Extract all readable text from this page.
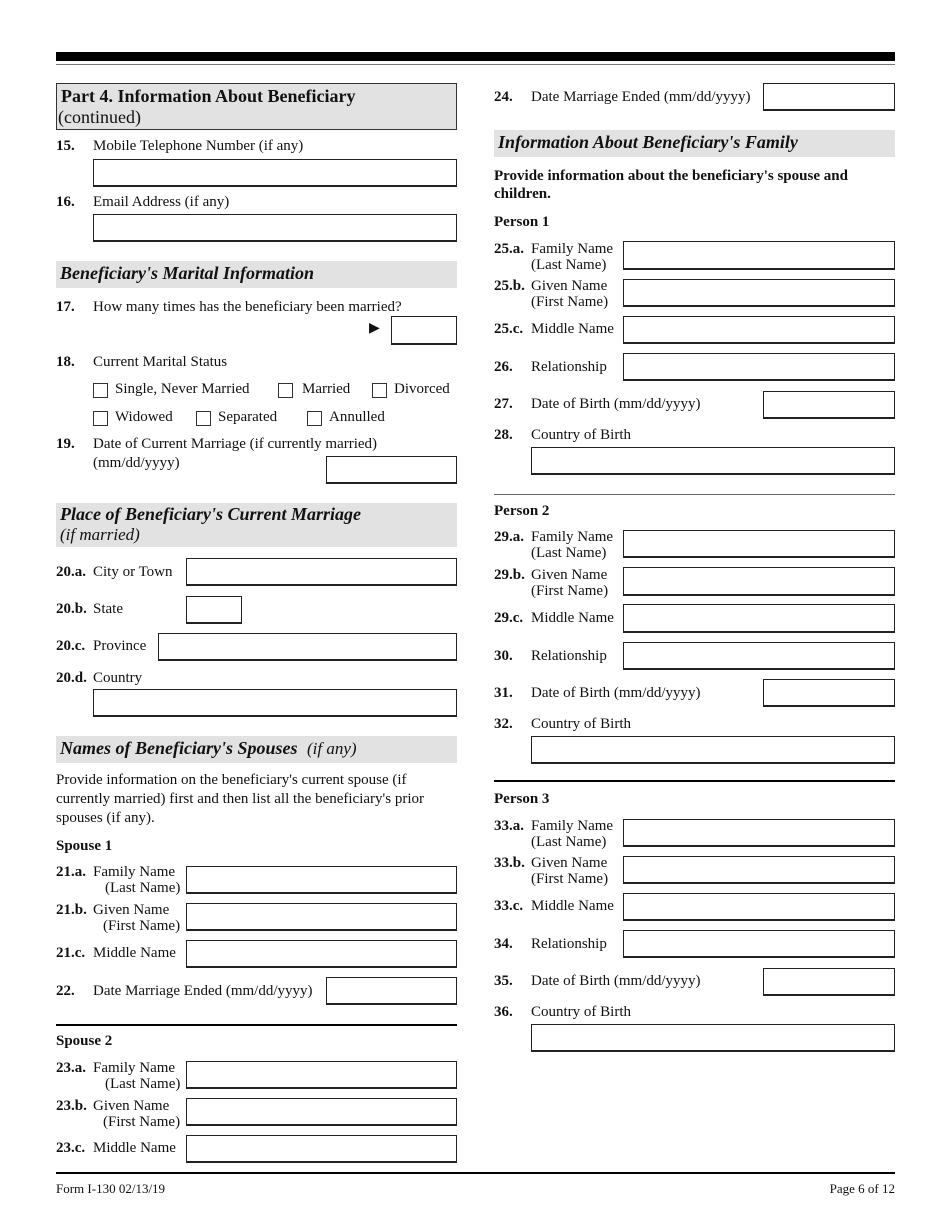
Part 4. Information About Beneficiary
(continued)
15. Mobile Telephone Number (if any)
16. Email Address (if any)
Beneficiary's Marital Information
17. How many times has the beneficiary been married?
▶
18. Current Marital Status
Single, Never Married	Married	Divorced
Widowed	Separated	Annulled
19. Date of Current Marriage (if currently married)
(mm/dd/yyyy)
Place of Beneficiary's Current Marriage
(if married)
20.a. City or Town
20.b. State
20.c. Province
20.d. Country
Names of Beneficiary's Spouses (if any)
Provide information on the beneficiary's current spouse (if
currently married) first and then list all the beneficiary's prior
spouses (if any).
Spouse 1
21.a. Family Name
(Last Name)
21.b. Given Name
(First Name)
21.c. Middle Name
22. Date Marriage Ended (mm/dd/yyyy)
Spouse 2
23.a. Family Name
(Last Name)
23.b. Given Name
(First Name)
23.c. Middle Name
24. Date Marriage Ended (mm/dd/yyyy)
Information About Beneficiary's Family
Provide information about the beneficiary's spouse and
children.
Person 1
25.a. Family Name
(Last Name)
25.b. Given Name
(First Name)
25.c. Middle Name
26. Relationship
27. Date of Birth (mm/dd/yyyy)
28. Country of Birth
Person 2
29.a. Family Name
(Last Name)
29.b. Given Name
(First Name)
29.c. Middle Name
30. Relationship
31. Date of Birth (mm/dd/yyyy)
32. Country of Birth
Person 3
33.a. Family Name
(Last Name)
33.b. Given Name
(First Name)
33.c. Middle Name
34. Relationship
35. Date of Birth (mm/dd/yyyy)
36. Country of Birth
Form I-130 02/13/19	Page 6 of 12
